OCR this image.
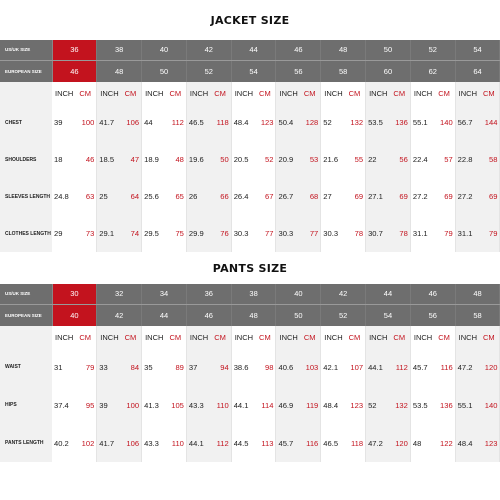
JACKET SIZE
US/UK SIZE	36	38	40	42	44	46	48	50	52	54
EUROPEAN SIZE	46	48	50	52	54	56	58	60	62	64

	INCH CM	INCH CM	INCH CM	INCH CM	INCH CM	INCH CM	INCH CM	INCH CM	INCH CM	INCH CM

CHEST	39 100	41.7 106	44 112	46.5 118	48.4 123	50.4 128	52 132	53.5 136	55.1 140	56.7 144

SHOULDERS	18 46	18.5 47	18.9 48	19.6 50	20.5 52	20.9 53	21.6 55	22 56	22.4 57	22.8 58

SLEEVES LENGTH	24.8 63	25 64	25.6 65	26 66	26.4 67	26.7 68	27 69	27.1 69	27.2 69	27.2 69

CLOTHES LENGTH	29 73	29.1 74	29.5 75	29.9 76	30.3 77	30.3 77	30.3 78	30.7 78	31.1 79	31.1 79
PANTS SIZE
US/UK SIZE	30	32	34	36	38	40	42	44	46	48
EUROPEAN SIZE	40	42	44	46	48	50	52	54	56	58

	INCH CM	INCH CM	INCH CM	INCH CM	INCH CM	INCH CM	INCH CM	INCH CM	INCH CM	INCH CM

WAIST	31 79	33 84	35 89	37 94	38.6 98	40.6 103	42.1 107	44.1 112	45.7 116	47.2 120

HIPS	37.4 95	39 100	41.3 105	43.3 110	44.1 114	46.9 119	48.4 123	52 132	53.5 136	55.1 140

PANTS LENGTH	40.2 102	41.7 106	43.3 110	44.1 112	44.5 113	45.7 116	46.5 118	47.2 120	48 122	48.4 123
